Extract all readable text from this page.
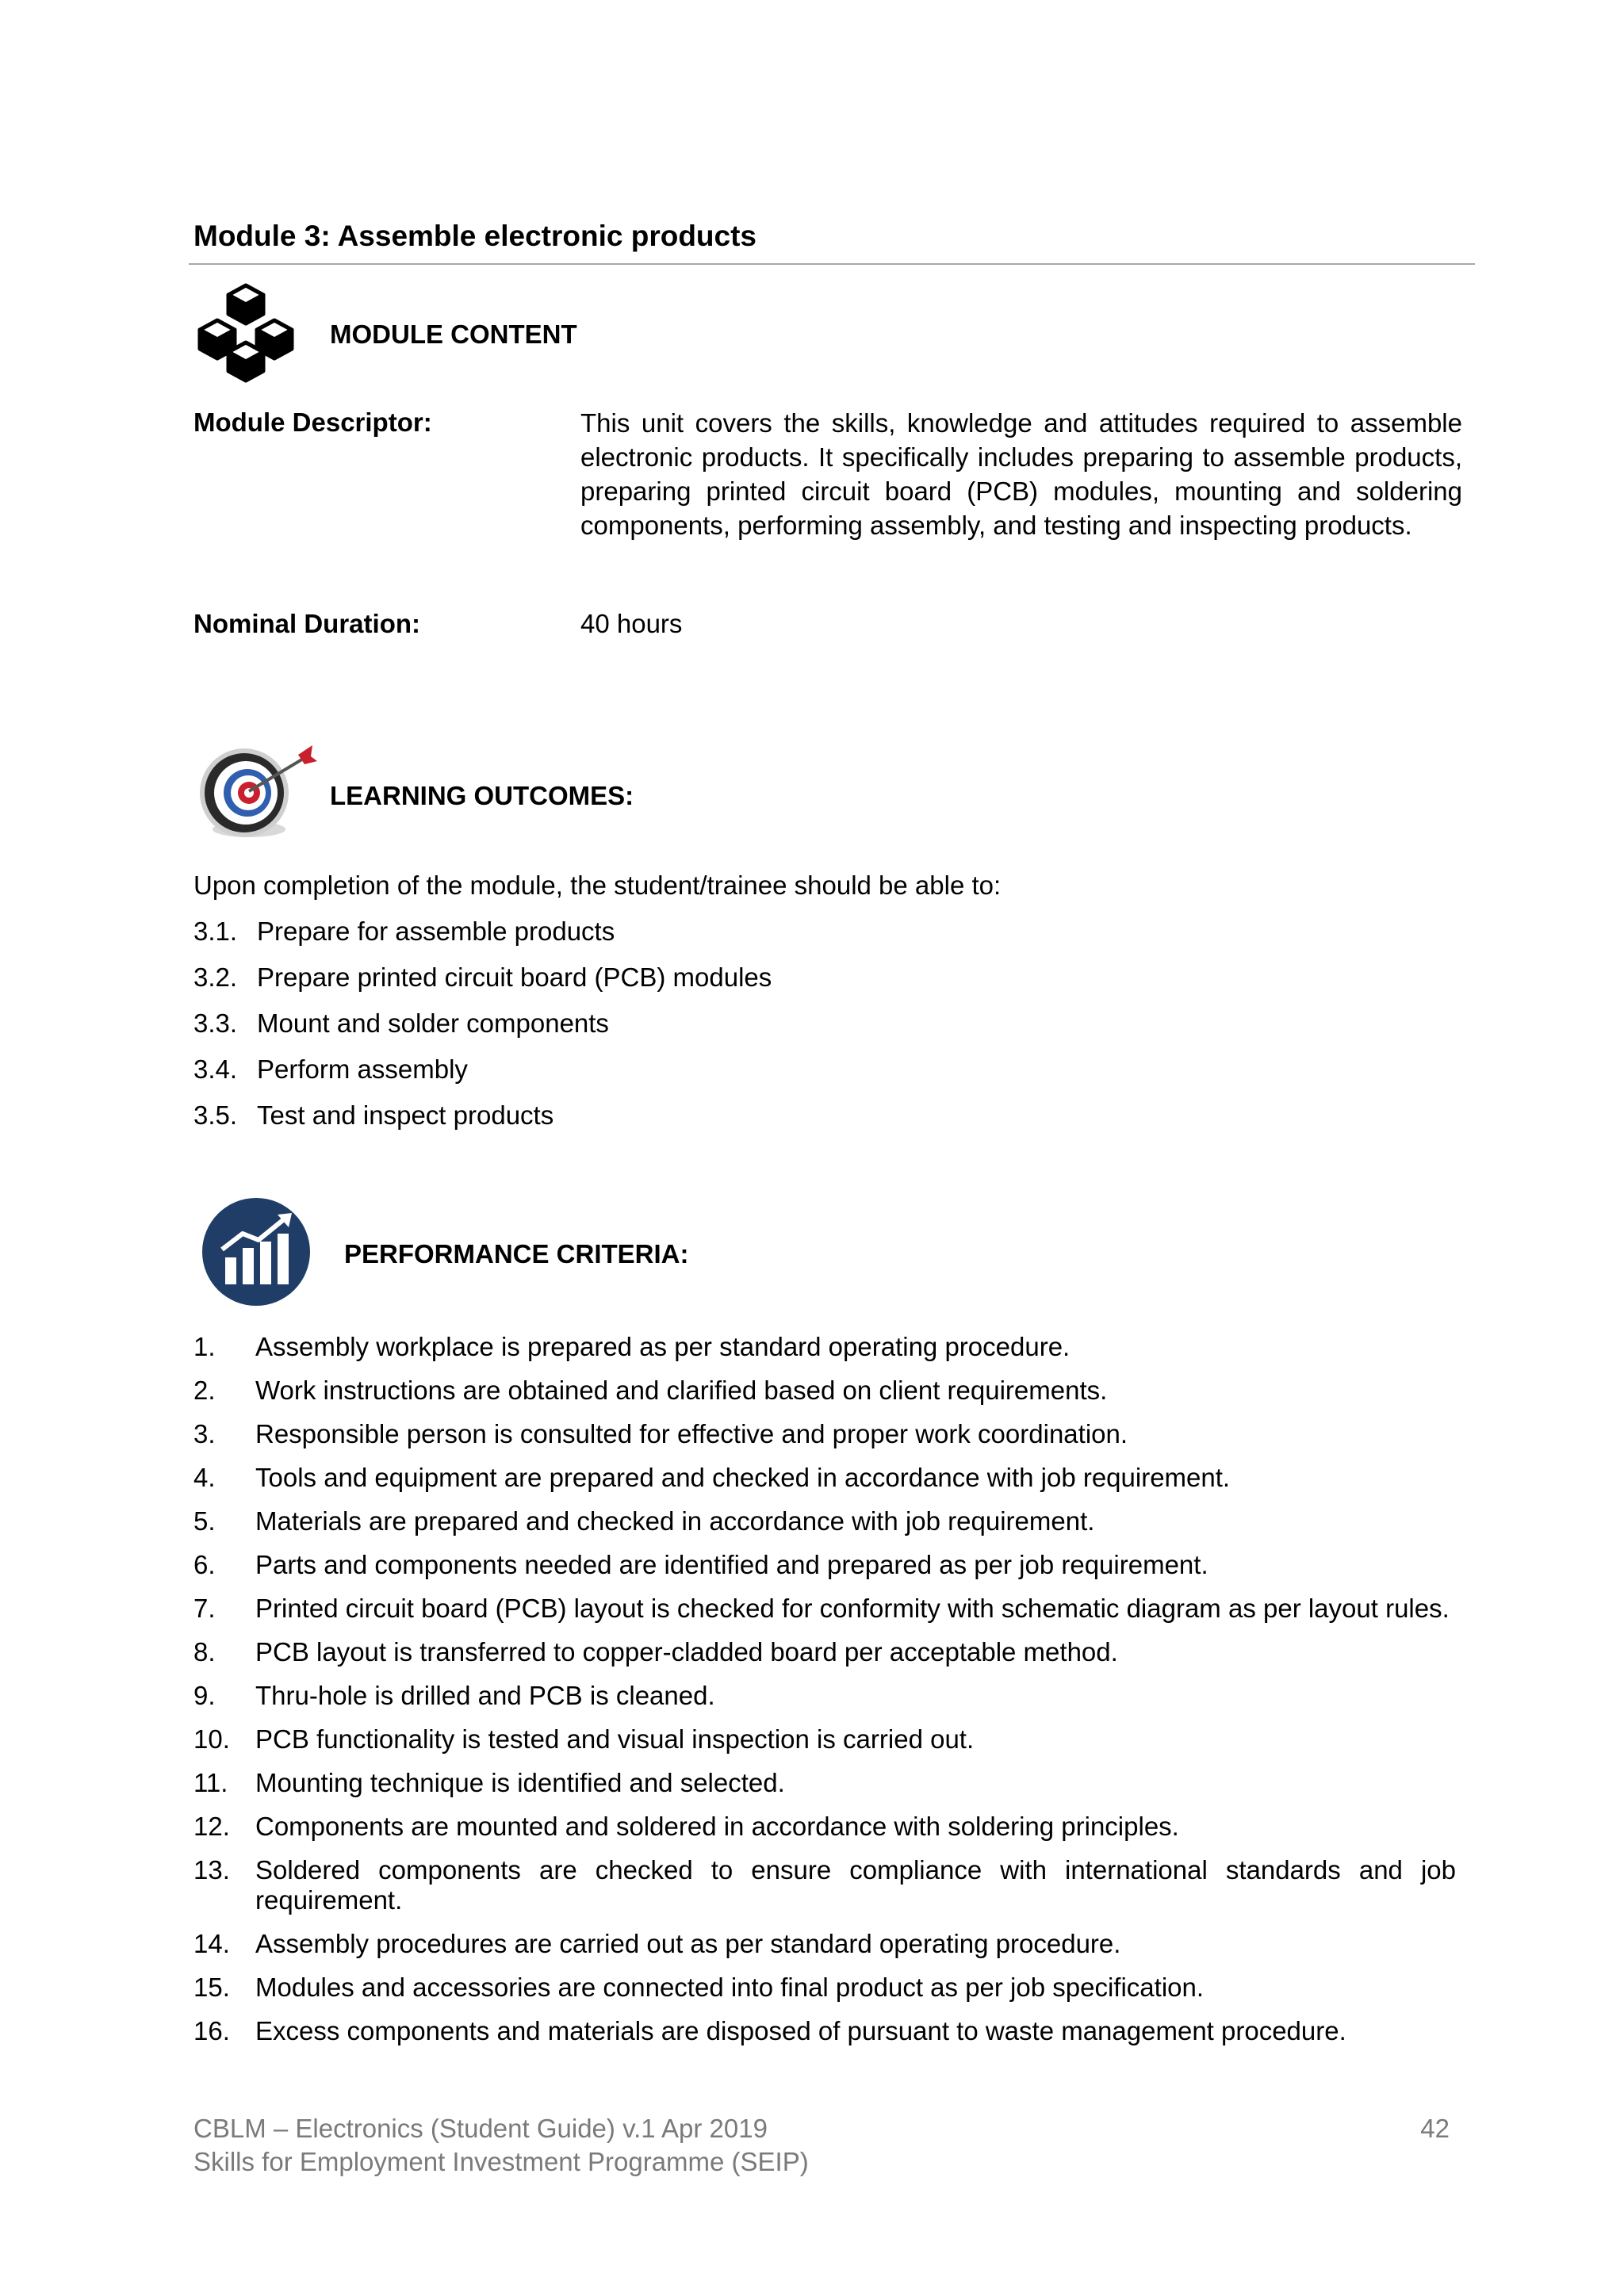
Module 3: Assemble electronic products
MODULE CONTENT
Module Descriptor:	This unit covers the skills, knowledge and attitudes required to assemble electronic products. It specifically includes preparing to assemble products, preparing printed circuit board (PCB) modules, mounting and soldering components, performing assembly, and testing and inspecting products.
Nominal Duration:	40 hours
LEARNING OUTCOMES:
Upon completion of the module, the student/trainee should be able to:
3.1. Prepare for assemble products
3.2. Prepare printed circuit board (PCB) modules
3.3. Mount and solder components
3.4. Perform assembly
3.5. Test and inspect products
PERFORMANCE CRITERIA:
1. Assembly workplace is prepared as per standard operating procedure.
2. Work instructions are obtained and clarified based on client requirements.
3. Responsible person is consulted for effective and proper work coordination.
4. Tools and equipment are prepared and checked in accordance with job requirement.
5. Materials are prepared and checked in accordance with job requirement.
6. Parts and components needed are identified and prepared as per job requirement.
7. Printed circuit board (PCB) layout is checked for conformity with schematic diagram as per layout rules.
8. PCB layout is transferred to copper-cladded board per acceptable method.
9. Thru-hole is drilled and PCB is cleaned.
10. PCB functionality is tested and visual inspection is carried out.
11. Mounting technique is identified and selected.
12. Components are mounted and soldered in accordance with soldering principles.
13. Soldered components are checked to ensure compliance with international standards and job requirement.
14. Assembly procedures are carried out as per standard operating procedure.
15. Modules and accessories are connected into final product as per job specification.
16. Excess components and materials are disposed of pursuant to waste management procedure.
CBLM – Electronics (Student Guide) v.1 Apr 2019
Skills for Employment Investment Programme (SEIP)
42
